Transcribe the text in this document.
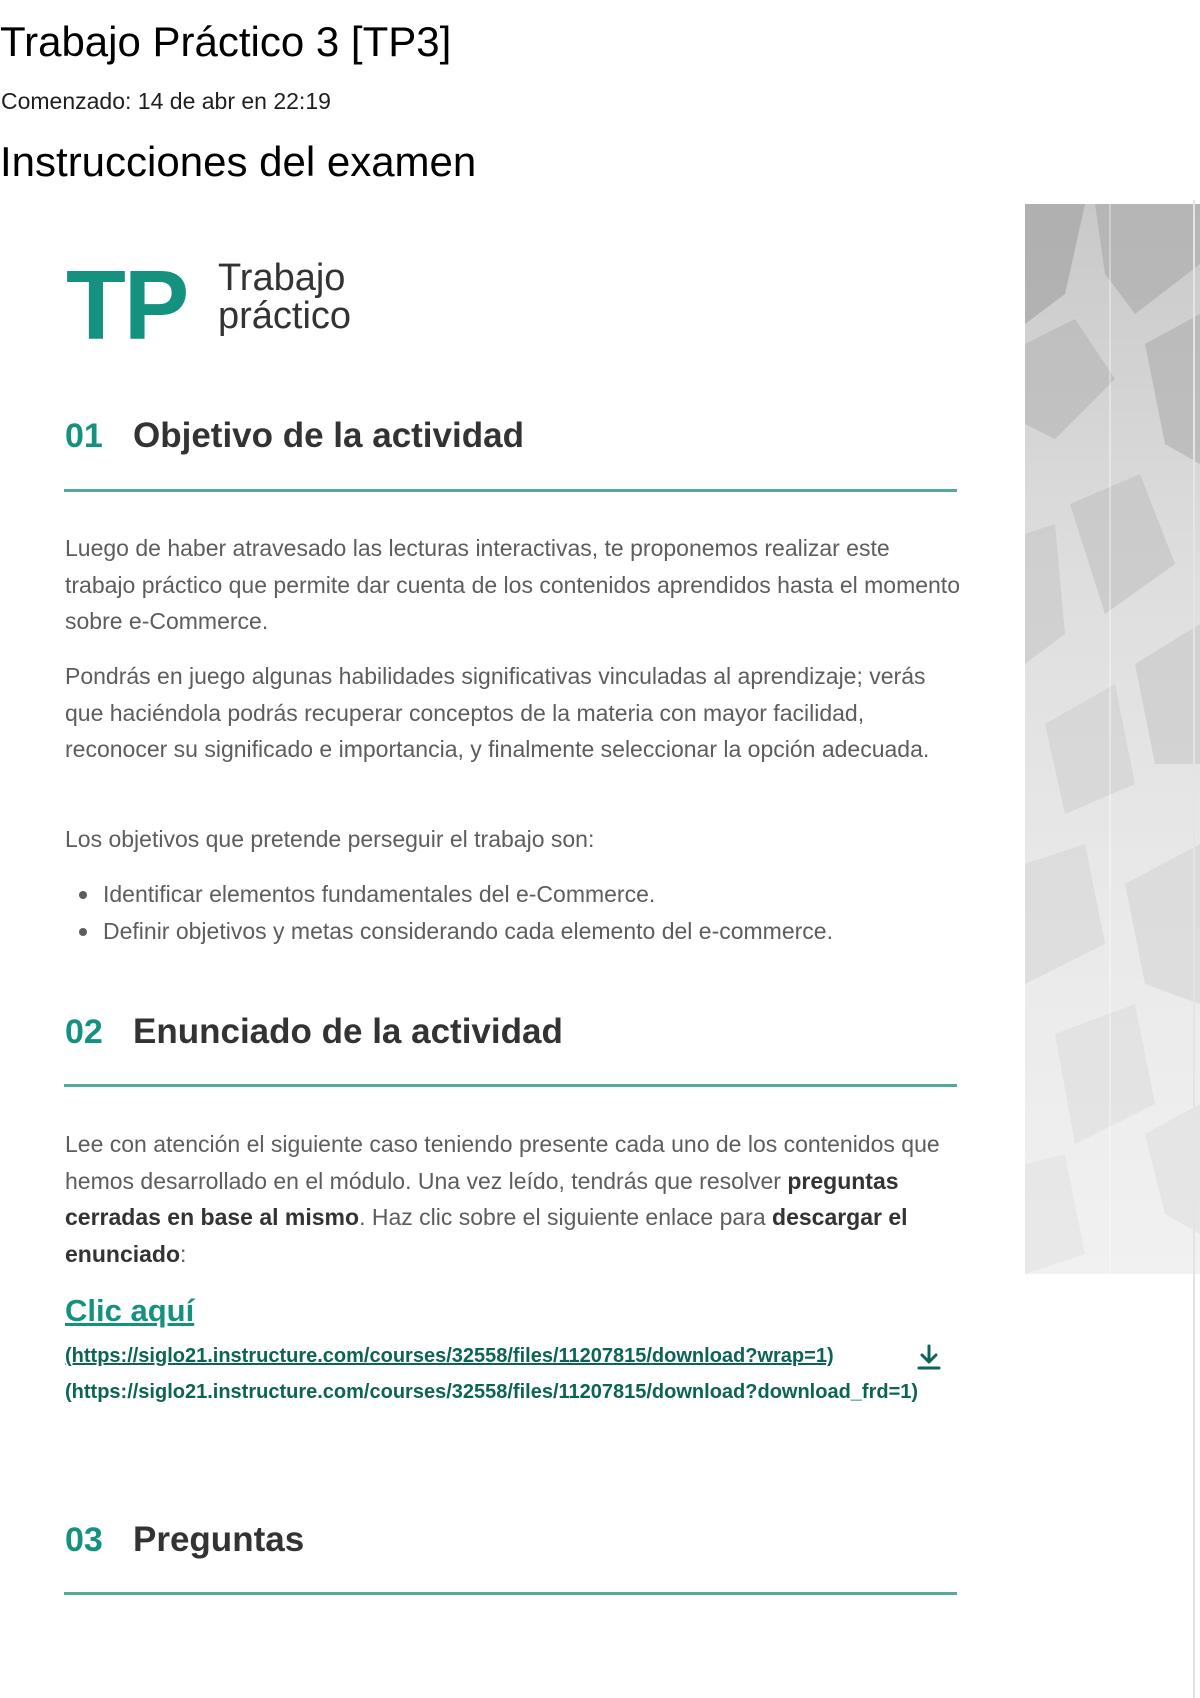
Trabajo Práctico 3 [TP3]
Comenzado: 14 de abr en 22:19
Instrucciones del examen
TP Trabajo
práctico
01 Objetivo de la actividad

Luego de haber atravesado las lecturas interactivas, te proponemos realizar este trabajo práctico que permite dar cuenta de los contenidos aprendidos hasta el momento sobre e-Commerce.

Pondrás en juego algunas habilidades significativas vinculadas al aprendizaje; verás que haciéndola podrás recuperar conceptos de la materia con mayor facilidad, reconocer su significado e importancia, y finalmente seleccionar la opción adecuada.

Los objetivos que pretende perseguir el trabajo son:

Identificar elementos fundamentales del e-Commerce.
Definir objetivos y metas considerando cada elemento del e-commerce.
02 Enunciado de la actividad

Lee con atención el siguiente caso teniendo presente cada uno de los contenidos que hemos desarrollado en el módulo. Una vez leído, tendrás que resolver preguntas cerradas en base al mismo. Haz clic sobre el siguiente enlace para descargar el enunciado:

Clic aquí
(https://siglo21.instructure.com/courses/32558/files/11207815/download?wrap=1)
(https://siglo21.instructure.com/courses/32558/files/11207815/download?download_frd=1)
03 Preguntas
